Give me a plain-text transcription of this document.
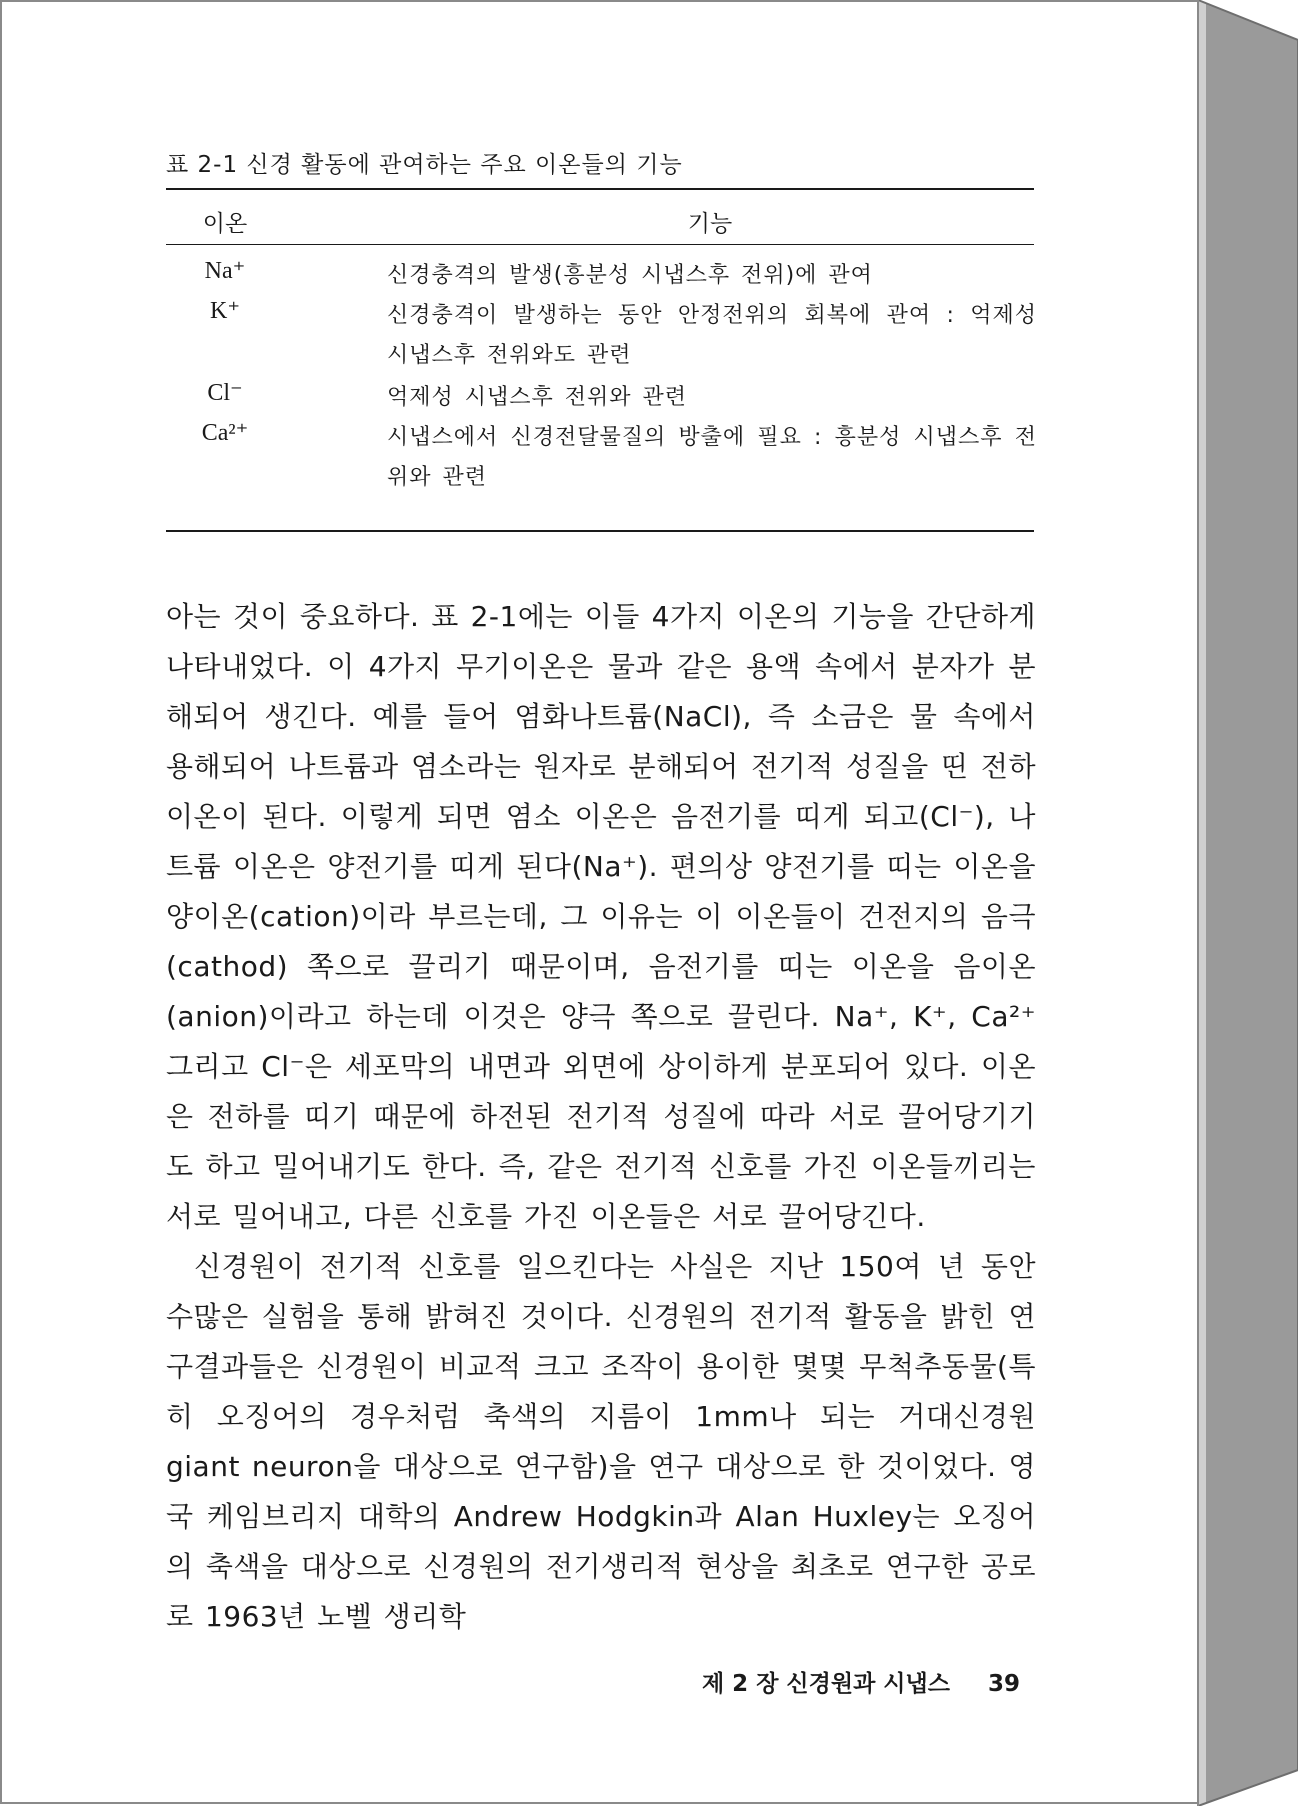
표 2-1 신경 활동에 관여하는 주요 이온들의 기능
이온	기능
Na⁺	신경충격의 발생(흥분성 시냅스후 전위)에 관여
K⁺	신경충격이 발생하는 동안 안정전위의 회복에 관여 : 억제성 시냅스후 전위와도 관련
Cl⁻	억제성 시냅스후 전위와 관련
Ca²⁺	시냅스에서 신경전달물질의 방출에 필요 : 흥분성 시냅스후 전위와 관련

아는 것이 중요하다. 표 2-1에는 이들 4가지 이온의 기능을 간단하게 나타내었다. 이 4가지 무기이온은 물과 같은 용액 속에서 분자가 분해되어 생긴다. 예를 들어 염화나트륨(NaCl), 즉 소금은 물 속에서 용해되어 나트륨과 염소라는 원자로 분해되어 전기적 성질을 띤 전하이온이 된다. 이렇게 되면 염소 이온은 음전기를 띠게 되고(Cl⁻), 나트륨 이온은 양전기를 띠게 된다(Na⁺). 편의상 양전기를 띠는 이온을 양이온(cation)이라 부르는데, 그 이유는 이 이온들이 건전지의 음극(cathod) 쪽으로 끌리기 때문이며, 음전기를 띠는 이온을 음이온(anion)이라고 하는데 이것은 양극 쪽으로 끌린다. Na⁺, K⁺, Ca²⁺ 그리고 Cl⁻은 세포막의 내면과 외면에 상이하게 분포되어 있다. 이온은 전하를 띠기 때문에 하전된 전기적 성질에 따라 서로 끌어당기기도 하고 밀어내기도 한다. 즉, 같은 전기적 신호를 가진 이온들끼리는 서로 밀어내고, 다른 신호를 가진 이온들은 서로 끌어당긴다.

신경원이 전기적 신호를 일으킨다는 사실은 지난 150여 년 동안 수많은 실험을 통해 밝혀진 것이다. 신경원의 전기적 활동을 밝힌 연구결과들은 신경원이 비교적 크고 조작이 용이한 몇몇 무척추동물(특히 오징어의 경우처럼 축색의 지름이 1mm나 되는 거대신경원 giant neuron을 대상으로 연구함)을 연구 대상으로 한 것이었다. 영국 케임브리지 대학의 Andrew Hodgkin과 Alan Huxley는 오징어의 축색을 대상으로 신경원의 전기생리적 현상을 최초로 연구한 공로로 1963년 노벨 생리학

제 2 장 신경원과 시냅스 39
